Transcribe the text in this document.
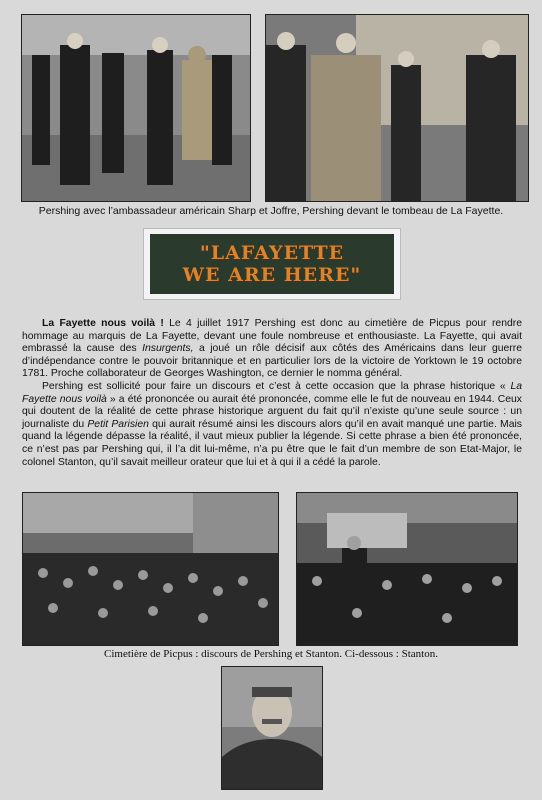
Pershing avec l’ambassadeur américain Sharp et Joffre, Pershing devant le tombeau de La Fayette.
"LAFAYETTE
WE ARE HERE"

La Fayette nous voilà ! Le 4 juillet 1917 Pershing est donc au cimetière de Picpus pour rendre hommage au marquis de La Fayette, devant une foule nombreuse et enthousiaste. La Fayette, qui avait embrassé la cause des Insurgents, a joué un rôle décisif aux côtés des Américains dans leur guerre d’indépendance contre le pouvoir britannique et en particulier lors de la victoire de Yorktown le 19 octobre 1781. Proche collaborateur de Georges Washington, ce dernier le nomma général.

Pershing est sollicité pour faire un discours et c’est à cette occasion que la phrase historique « La Fayette nous voilà » a été prononcée ou aurait été prononcée, comme elle le fut de nouveau en 1944. Ceux qui doutent de la réalité de cette phrase historique arguent du fait qu’il n’existe qu’une seule source : un journaliste du Petit Parisien qui aurait résumé ainsi les discours alors qu’il en avait manqué une partie. Mais quand la légende dépasse la réalité, il vaut mieux publier la légende. Si cette phrase a bien été prononcée, ce n’est pas par Pershing qui, il l’a dit lui-même, n’a pu être que le fait d’un membre de son Etat-Major, le colonel Stanton, qu’il savait meilleur orateur que lui et à qui il a cédé la parole.

Cimetière de Picpus : discours de Pershing et Stanton. Ci-dessous : Stanton.
